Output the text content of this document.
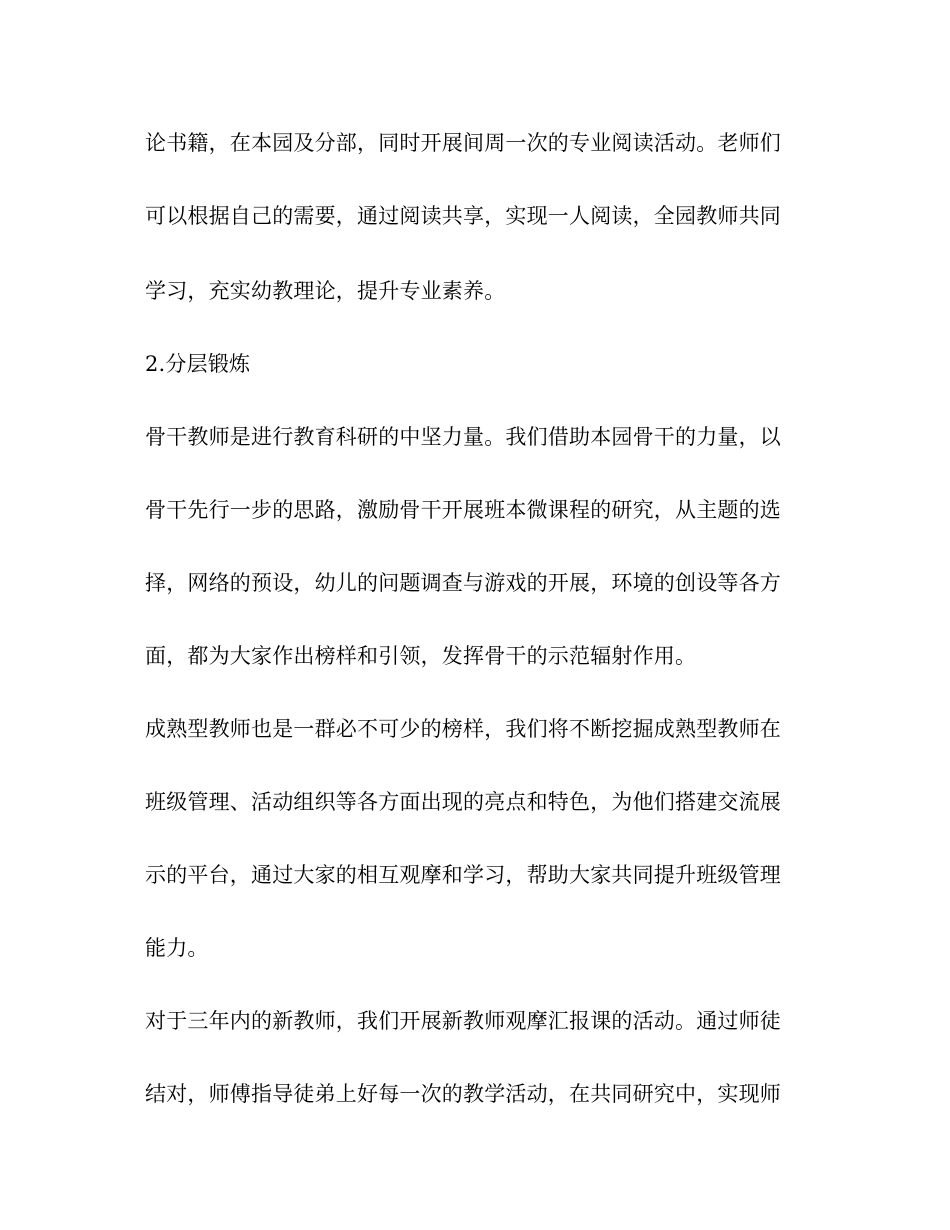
论书籍，在本园及分部，同时开展间周一次的专业阅读活动。老师们
可以根据自己的需要，通过阅读共享，实现一人阅读，全园教师共同
学习，充实幼教理论，提升专业素养。
2.分层锻炼
骨干教师是进行教育科研的中坚力量。我们借助本园骨干的力量，以
骨干先行一步的思路，激励骨干开展班本微课程的研究，从主题的选
择，网络的预设，幼儿的问题调查与游戏的开展，环境的创设等各方
面，都为大家作出榜样和引领，发挥骨干的示范辐射作用。
成熟型教师也是一群必不可少的榜样，我们将不断挖掘成熟型教师在
班级管理、活动组织等各方面出现的亮点和特色，为他们搭建交流展
示的平台，通过大家的相互观摩和学习，帮助大家共同提升班级管理
能力。
对于三年内的新教师，我们开展新教师观摩汇报课的活动。通过师徒
结对，师傅指导徒弟上好每一次的教学活动，在共同研究中，实现师
